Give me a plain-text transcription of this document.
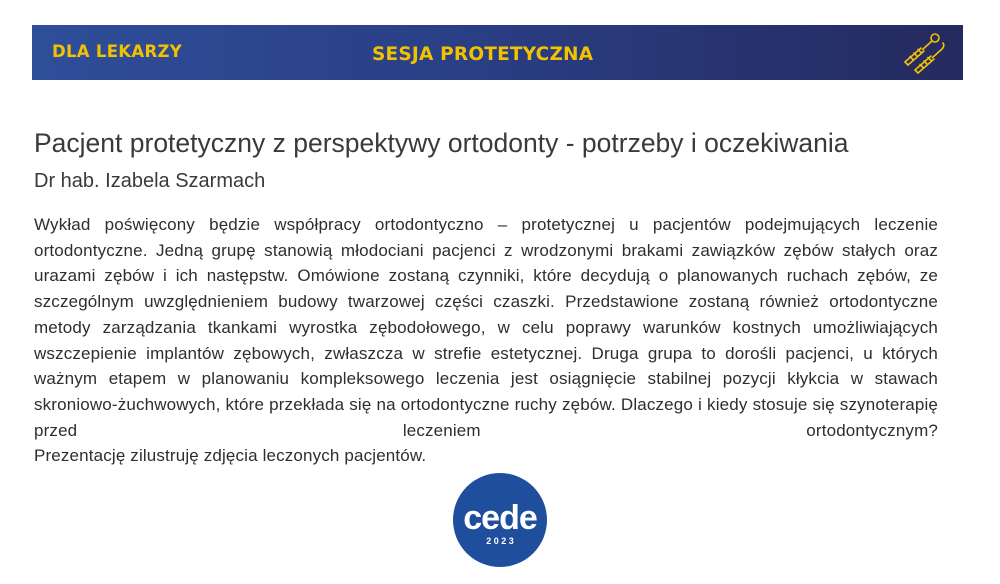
DLA LEKARZY	SESJA PROTETYCZNA
Pacjent protetyczny z perspektywy ortodonty - potrzeby i oczekiwania
Dr hab. Izabela Szarmach
Wykład poświęcony będzie współpracy ortodontyczno – protetycznej u pacjentów podejmujących leczenie ortodontyczne. Jedną grupę stanowią młodociani pacjenci z wrodzonymi brakami zawiązków zębów stałych oraz urazami zębów i ich następstw. Omówione zostaną czynniki, które decydują o planowanych ruchach zębów, ze szczególnym uwzględnieniem budowy twarzowej części czaszki. Przedstawione zostaną również ortodontyczne metody zarządzania tkankami wyrostka zębodołowego, w celu poprawy warunków kostnych umożliwiających wszczepienie implantów zębowych, zwłaszcza w strefie estetycznej. Druga grupa to dorośli pacjenci, u których ważnym etapem w planowaniu kompleksowego leczenia jest osiągnięcie stabilnej pozycji kłykcia w stawach skroniowo-żuchwowych, które przekłada się na ortodontyczne ruchy zębów. Dlaczego i kiedy stosuje się szynoterapię przed leczeniem ortodontycznym?
Prezentację zilustruję zdjęcia leczonych pacjentów.
cede
2 0 2 3
